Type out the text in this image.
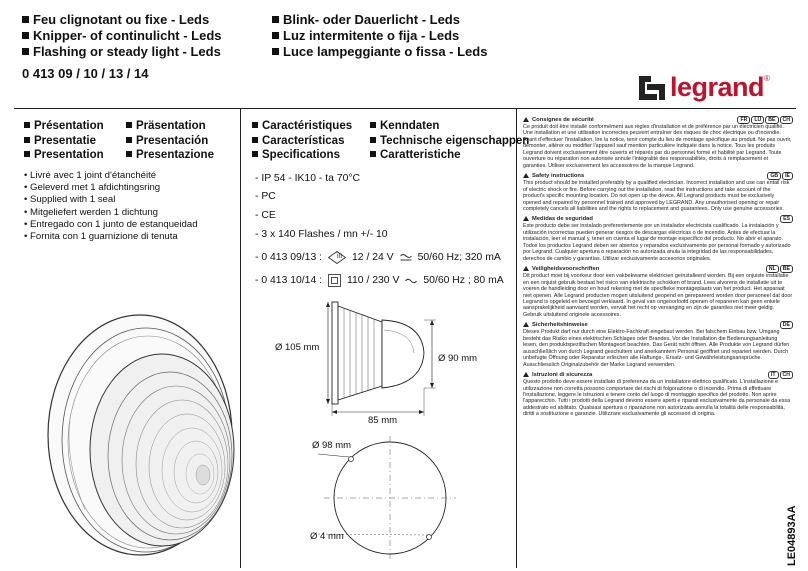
Feu clignotant ou fixe - Leds
Knipper- of continulicht - Leds
Flashing or steady light - Leds
0 413 09 / 10 / 13 / 14
Blink- oder Dauerlicht - Leds
Luz intermitente o fija - Leds
Luce lampeggiante o fissa - Leds
legrand ®
Présentation
Presentatie
Presentation
Präsentation
Presentación
Presentazione
• Livré avec 1 joint d'étanchéité
• Geleverd met 1 afdichtingsring
• Supplied with 1 seal
• Mitgeliefert werden 1 dichtung
• Entregado con 1 junto de estanqueidad
• Fornita con 1 guarnizione di tenuta
Caractéristiques
Características
Specifications
Kenndaten
Technische eigenschappen
Caratteristiche
- IP 54 - IK10 - ta 70°C
- PC
- CE
- 3 x 140 Flashes / mn +/- 10
- 0 413 09/13 :	III 12 / 24 V 50/60 Hz; 320 mA
- 0 413 10/14 : 110 / 230 V 50/60 Hz ; 80 mA
Ø 105 mm
Ø 90 mm
85 mm
Ø 98 mm
Ø 4 mm
Consignes de sécurité	FR	LU	BE	CH
Ce produit doit être installé conformément aux règles d'installation et de préférence par un électricien qualifié. Une installation et une utilisation incorrectes peuvent entraîner des risques de choc électrique ou d'incendie. Avant d'effectuer l'installation, lire la notice, tenir compte du lieu de montage spécifique au produit. Ne pas ouvrir, démonter, altérer ou modifier l'appareil sauf mention particulière indiquée dans la notice. Tous les produits Legrand doivent exclusivement être ouverts et réparés par du personnel formé et habilité par Legrand. Toute ouverture ou réparation non autorisée annule l'intégralité des responsabilités, droits à remplacement et garanties. Utiliser exclusivement les accessoires de la marque Legrand.
Safety instructions	GB	IE
This product should be installed preferably by a qualified electrician. Incorrect installation and use can entail risk of electric shock or fire. Before carrying out the installation, read the instructions and take account of the product's specific mounting location. Do not open up the device. All Legrand products must be exclusively opened and repaired by personnel trained and approved by LEGRAND. Any unauthorised opening or repair completely cancels all liabilities and the rights to replacement and guarantees. Only use genuine accessories.
Medidas de seguridad	ES
Este producto debe ser instalado preferentemente por un instalador electricista cualificado. La instalación y utilización incorrectas pueden generar riesgos de descargas eléctricas o de incendio. Antes de efectuar la instalación, leer el manual y, tener en cuenta el lugar de montaje específico del producto. No abrir el aparato. Todos los productos Legrand deben ser abiertos y reparados exclusivamente por personal formado y autorizado por Legrand. Cualquier apertura o reparación no autorizada anula la integridad de las responsabilidades, derechos de cambio y garantías. Utilizar exclusivamente accesorios originales.
Veiligheidsvoorschriften	NL	BE
Dit product moet bij voorkeur door een vakbekwame elektricien geïnstalleerd worden. Bij een onjuiste installatie en een onjuist gebruik bestaat het risico van elektrische schokken of brand. Lees alvorens de installatie uit te voeren de handleiding door en houd rekening met de specifieke montageplaats van het product. Het apparaat niet openen. Alle Legrand producten mogen uitsluitend geopend en gerepareerd worden door personeel dat door Legrand is opgeleid en bevoegd verklaard. In geval van ongeoorloofd openen of repareren kan geen enkele aansprakelijkheid aanvaard worden, vervalt het recht op vervanging en zijn de garanties niet meer geldig. Gebruik uitsluitend originele accessoires.
Sicherheitshinweise	DE
Dieses Produkt darf nur durch eine Elektro-Fachkraft eingebaut werden. Bei falschem Einbau bzw. Umgang besteht das Risiko eines elektrischen Schlages oder Brandes. Vor der Installation die Bedienungsanleitung lesen, den produktspezifischen Montageort beachten. Das Gerät nicht öffnen. Alle Produkte von Legrand dürfen ausschließlich von durch Legrand geschultem und anerkanntem Personal geöffnet und repariert werden. Durch unbefugte Öffnung oder Reparatur erlischen alle Haftungs-, Ersatz- und Gewährleistungsansprüche. Ausschliesslich Originalzubehör der Marke Legrand verwenden.
Istruzioni di sicurezza	IT	CH
Questo prodotto deve essere installato di preferenza da un installatore elettrico qualificato. L'installazione e utilizzazione non corretta possono comportare dei rischi di folgorazione o di incendio. Prima di effettuare l'installazione, leggere le istruzioni e tenere conto del luogo di montaggio specifico del prodotto. Non aprire l'apparecchio. Tutti i prodotti della Legrand devono essere aperti e riparati esclusivamente da personale da essa addestrato ed abilitato. Qualsiasi apertura o riparazione non autorizzata annulla la totalità delle responsabilità, diritti a sostituzione e garanzie. Utilizzare esclusivamente gli accessori di origina.
LE04893AA
